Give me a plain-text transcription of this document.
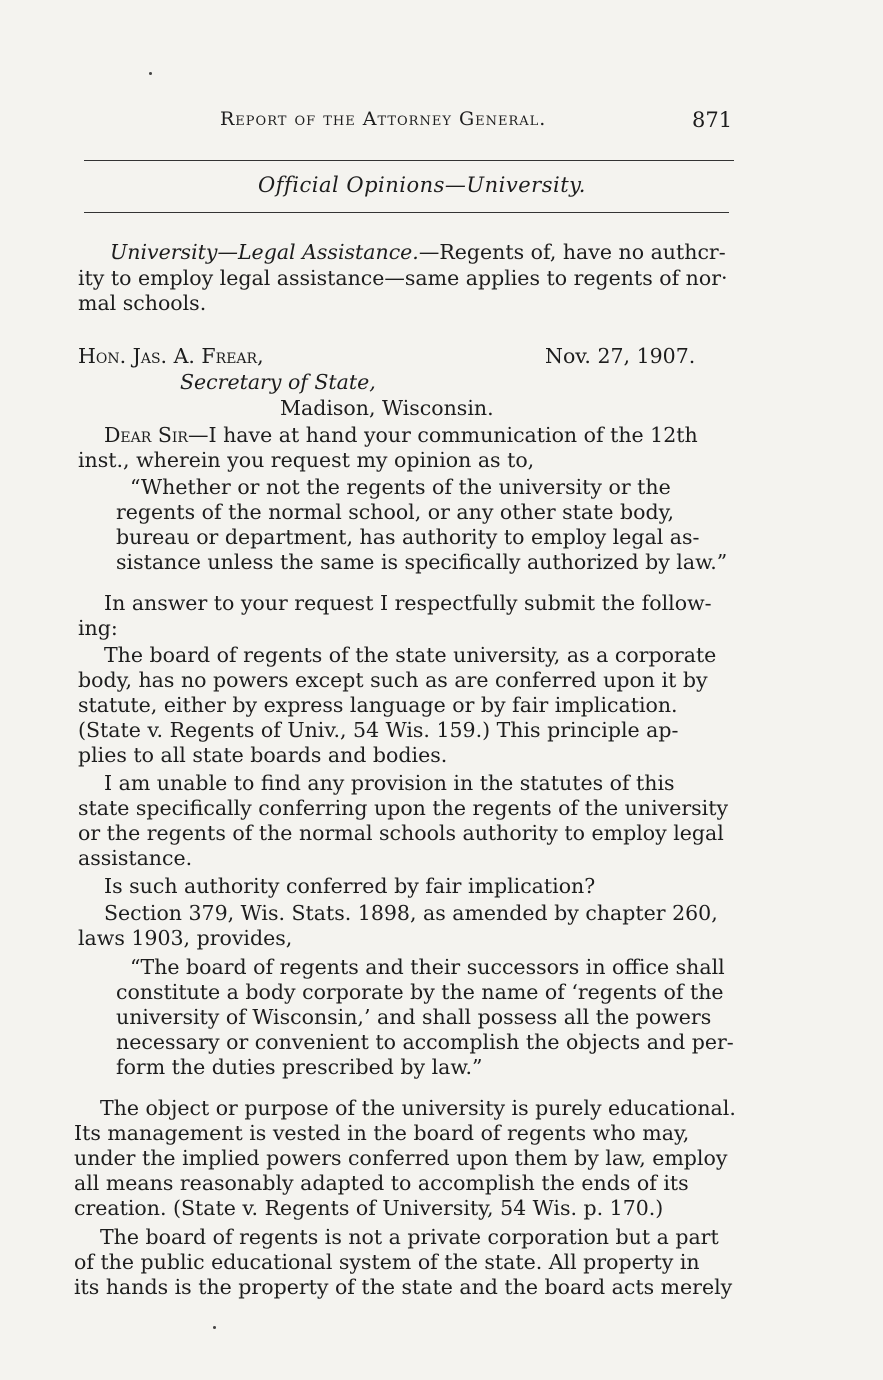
Report of the Attorney General.	871
Official Opinions—University.
University—Legal Assistance.—Regents of, have no authcr-
ity to employ legal assistance—same applies to regents of nor·
mal schools.
Hon. Jas. A. Frear,	Nov. 27, 1907.
Secretary of State,
Madison, Wisconsin.
Dear Sir—I have at hand your communication of the 12th
inst., wherein you request my opinion as to,
“Whether or not the regents of the university or the
regents of the normal school, or any other state body,
bureau or department, has authority to employ legal as-
sistance unless the same is specifically authorized by law.”
In answer to your request I respectfully submit the follow-
ing:
The board of regents of the state university, as a corporate
body, has no powers except such as are conferred upon it by
statute, either by express language or by fair implication.
(State v. Regents of Univ., 54 Wis. 159.) This principle ap-
plies to all state boards and bodies.
I am unable to find any provision in the statutes of this
state specifically conferring upon the regents of the university
or the regents of the normal schools authority to employ legal
assistance.
Is such authority conferred by fair implication?
Section 379, Wis. Stats. 1898, as amended by chapter 260,
laws 1903, provides,
“The board of regents and their successors in office shall
constitute a body corporate by the name of ‘regents of the
university of Wisconsin,’ and shall possess all the powers
necessary or convenient to accomplish the objects and per-
form the duties prescribed by law.”
The object or purpose of the university is purely educational.
Its management is vested in the board of regents who may,
under the implied powers conferred upon them by law, employ
all means reasonably adapted to accomplish the ends of its
creation. (State v. Regents of University, 54 Wis. p. 170.)
The board of regents is not a private corporation but a part
of the public educational system of the state. All property in
its hands is the property of the state and the board acts merely
